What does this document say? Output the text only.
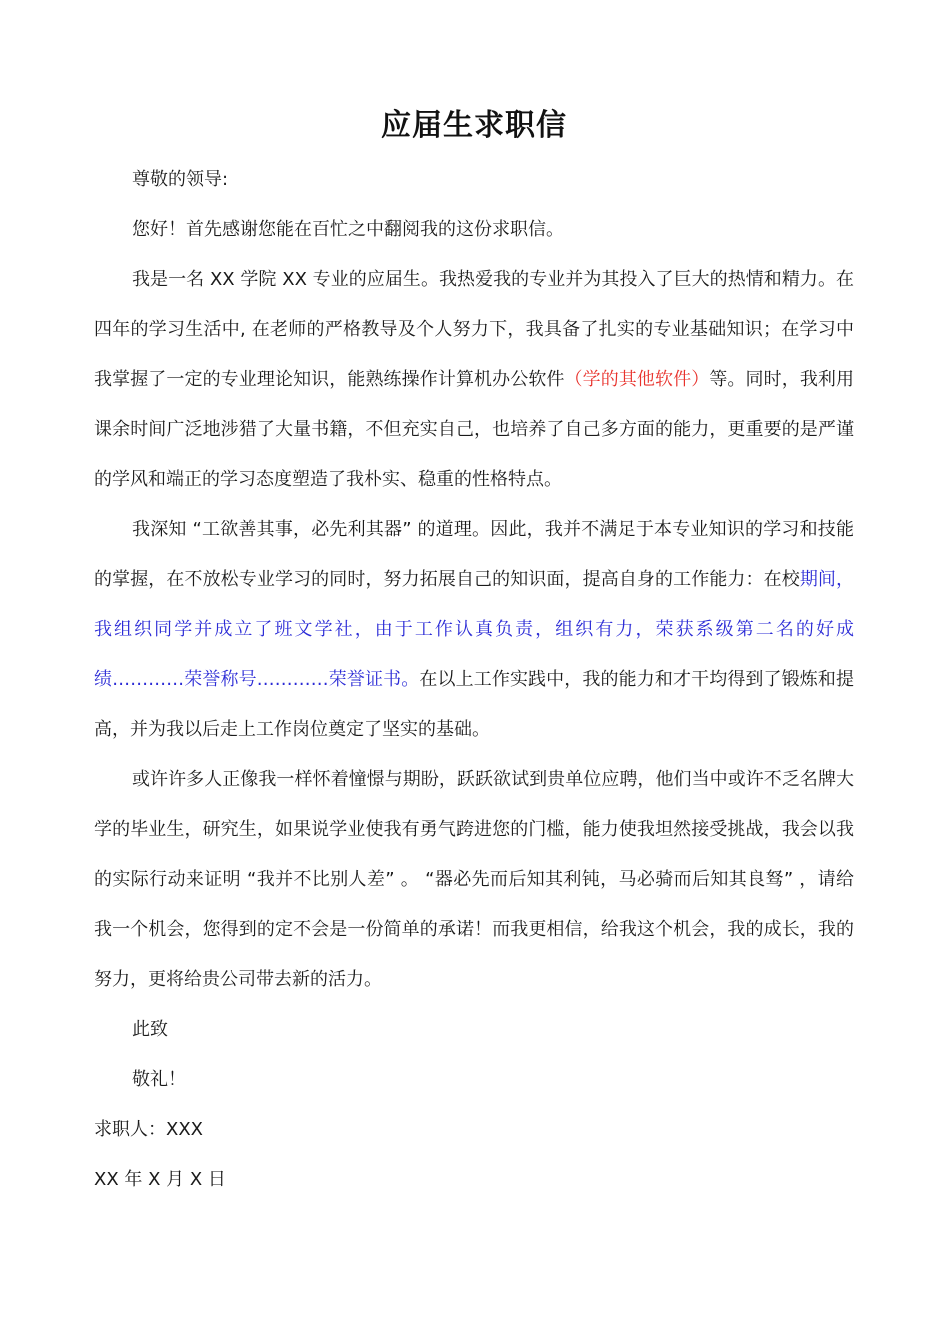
应届生求职信

尊敬的领导:

您好！首先感谢您能在百忙之中翻阅我的这份求职信。

我是一名 XX 学院 XX 专业的应届生。我热爱我的专业并为其投入了巨大的热情和精力。在四年的学习生活中, 在老师的严格教导及个人努力下，我具备了扎实的专业基础知识；在学习中我掌握了一定的专业理论知识，能熟练操作计算机办公软件（学的其他软件）等。同时，我利用课余时间广泛地涉猎了大量书籍，不但充实自己，也培养了自己多方面的能力，更重要的是严谨的学风和端正的学习态度塑造了我朴实、稳重的性格特点。

我深知 “工欲善其事，必先利其器” 的道理。因此，我并不满足于本专业知识的学习和技能的掌握，在不放松专业学习的同时，努力拓展自己的知识面，提高自身的工作能力：在校期间，我组织同学并成立了班文学社，由于工作认真负责，组织有力，荣获系级第二名的好成绩…………荣誉称号…………荣誉证书。在以上工作实践中，我的能力和才干均得到了锻炼和提高，并为我以后走上工作岗位奠定了坚实的基础。

或许许多人正像我一样怀着憧憬与期盼，跃跃欲试到贵单位应聘，他们当中或许不乏名牌大学的毕业生，研究生，如果说学业使我有勇气跨进您的门槛，能力使我坦然接受挑战，我会以我的实际行动来证明 “我并不比别人差” 。 “器必先而后知其利钝，马必骑而后知其良驽” ，请给我一个机会，您得到的定不会是一份简单的承诺！而我更相信，给我这个机会，我的成长，我的努力，更将给贵公司带去新的活力。

此致

敬礼！

求职人：XXX

XX 年 X 月 X 日
